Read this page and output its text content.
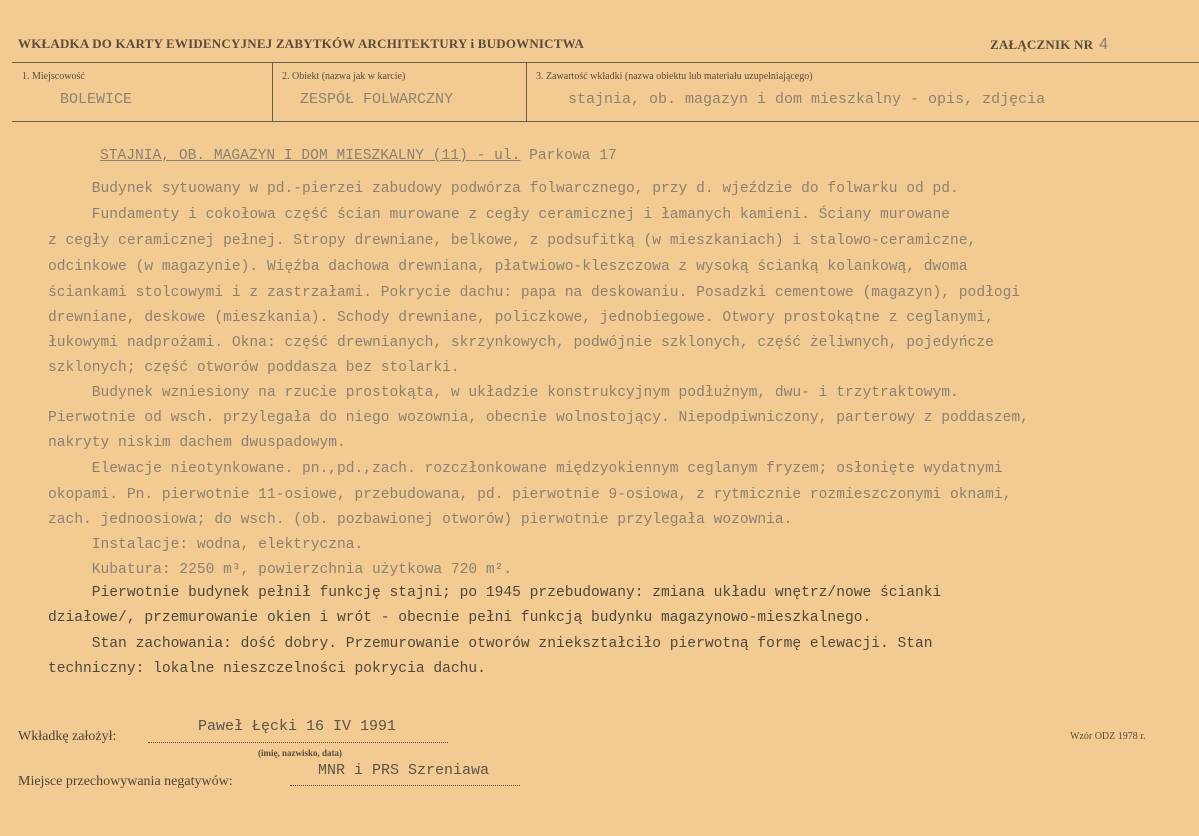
WKŁADKA DO KARTY EWIDENCYJNEJ ZABYTKÓW ARCHITEKTURY i BUDOWNICTWA	ZAŁĄCZNIK NR 4
1. Miejscowość
BOLEWICE
2. Obiekt (nazwa jak w karcie)
ZESPÓŁ FOLWARCZNY
3. Zawartość wkładki (nazwa obiektu lub materiału uzupełniającego)
stajnia, ob. magazyn i dom mieszkalny - opis, zdjęcia
STAJNIA, OB. MAGAZYN I DOM MIESZKALNY (11) - ul. Parkowa 17
Budynek sytuowany w pd.-pierzei zabudowy podwórza folwarcznego, przy d. wjeździe do folwarku od pd.
Fundamenty i cokołowa część ścian murowane z cegły ceramicznej i łamanych kamieni. Ściany murowane
z cegły ceramicznej pełnej. Stropy drewniane, belkowe, z podsufitką (w mieszkaniach) i stalowo-ceramiczne,
odcinkowe (w magazynie). Więźba dachowa drewniana, płatwiowo-kleszczowa z wysoką ścianką kolankową, dwoma
ściankami stolcowymi i z zastrzałami. Pokrycie dachu: papa na deskowaniu. Posadzki cementowe (magazyn), podłogi
drewniane, deskowe (mieszkania). Schody drewniane, policzkowe, jednobiegowe. Otwory prostokątne z ceglanymi,
łukowymi nadprożami. Okna: część drewnianych, skrzynkowych, podwójnie szklonych, część żeliwnych, pojedyńcze
szklonych; część otworów poddasza bez stolarki.
Budynek wzniesiony na rzucie prostokąta, w układzie konstrukcyjnym podłużnym, dwu- i trzytraktowym.
Pierwotnie od wsch. przylegała do niego wozownia, obecnie wolnostojący. Niepodpiwniczony, parterowy z poddaszem,
nakryty niskim dachem dwuspadowym.
Elewacje nieotynkowane. pn.,pd.,zach. rozczłonkowane międzyokiennym ceglanym fryzem; osłonięte wydatnymi
okopami. Pn. pierwotnie 11-osiowe, przebudowana, pd. pierwotnie 9-osiowa, z rytmicznie rozmieszczonymi oknami,
zach. jednoosiowa; do wsch. (ob. pozbawionej otworów) pierwotnie przylegała wozownia.
Instalacje: wodna, elektryczna.
Kubatura: 2250 m³, powierzchnia użytkowa 720 m².
Pierwotnie budynek pełnił funkcję stajni; po 1945 przebudowany: zmiana układu wnętrz/nowe ścianki
działowe/, przemurowanie okien i wrót - obecnie pełni funkcją budynku magazynowo-mieszkalnego.
Stan zachowania: dość dobry. Przemurowanie otworów zniekształciło pierwotną formę elewacji. Stan
techniczny: lokalne nieszczelności pokrycia dachu.
Wkładkę założył:
Paweł Łęcki 16 IV 1991
(imię, nazwisko, data)
Miejsce przechowywania negatywów:
MNR i PRS Szreniawa
Wzór ODZ 1978 r.
